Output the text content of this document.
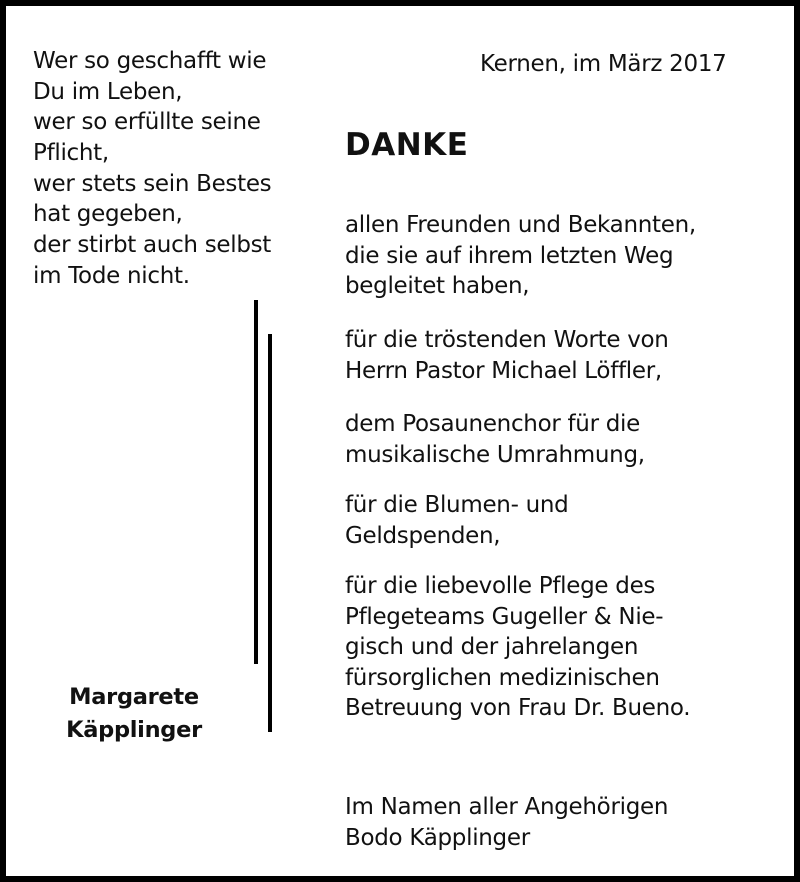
Wer so geschafft wie
Du im Leben,
wer so erfüllte seine
Pflicht,
wer stets sein Bestes
hat gegeben,
der stirbt auch selbst
im Tode nicht.
Kernen, im März 2017
DANKE
allen Freunden und Bekannten,
die sie auf ihrem letzten Weg
begleitet haben,
für die tröstenden Worte von
Herrn Pastor Michael Löffler,
dem Posaunenchor für die
musikalische Umrahmung,
für die Blumen- und
Geldspenden,
für die liebevolle Pflege des
Pflegeteams Gugeller & Nie-
gisch und der jahrelangen
fürsorglichen medizinischen
Betreuung von Frau Dr. Bueno.
Margarete
Käpplinger
Im Namen aller Angehörigen
Bodo Käpplinger
